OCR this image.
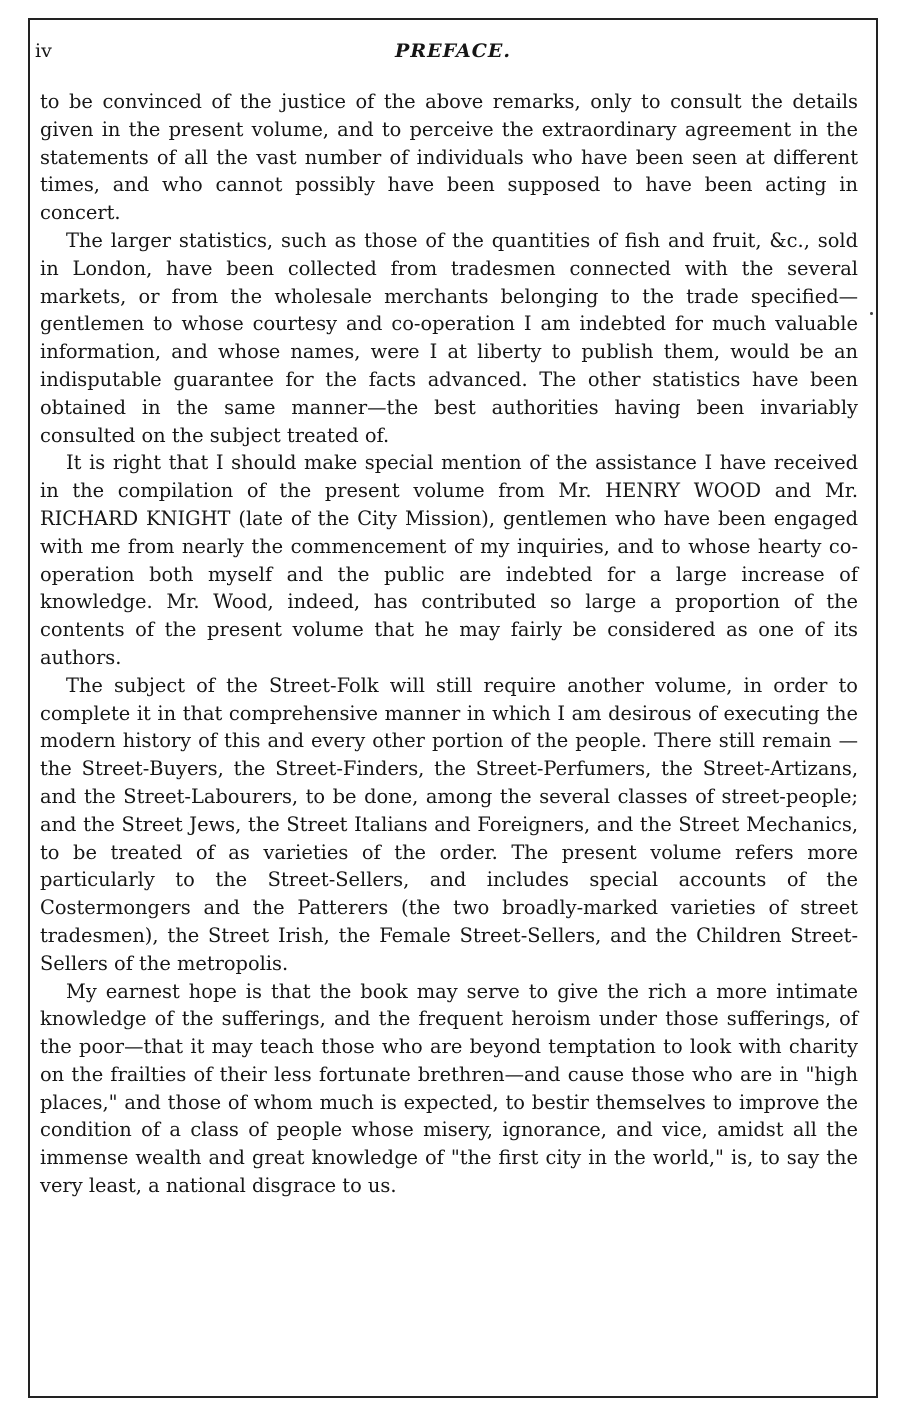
iv	PREFACE.

to be convinced of the justice of the above remarks, only to consult the details given in the present volume, and to perceive the extraordinary agreement in the statements of all the vast number of individuals who have been seen at different times, and who cannot possibly have been supposed to have been acting in concert.

The larger statistics, such as those of the quantities of fish and fruit, &c., sold in London, have been collected from tradesmen connected with the several markets, or from the wholesale merchants belonging to the trade specified—gentlemen to whose courtesy and co-operation I am indebted for much valuable information, and whose names, were I at liberty to publish them, would be an indisputable guarantee for the facts advanced. The other statistics have been obtained in the same manner—the best authorities having been invariably consulted on the subject treated of.

It is right that I should make special mention of the assistance I have received in the compilation of the present volume from Mr. HENRY WOOD and Mr. RICHARD KNIGHT (late of the City Mission), gentlemen who have been engaged with me from nearly the commencement of my inquiries, and to whose hearty co-operation both myself and the public are indebted for a large increase of knowledge. Mr. Wood, indeed, has contributed so large a proportion of the contents of the present volume that he may fairly be considered as one of its authors.

The subject of the Street-Folk will still require another volume, in order to complete it in that comprehensive manner in which I am desirous of executing the modern history of this and every other portion of the people. There still remain —the Street-Buyers, the Street-Finders, the Street-Perfumers, the Street-Artizans, and the Street-Labourers, to be done, among the several classes of street-people; and the Street Jews, the Street Italians and Foreigners, and the Street Mechanics, to be treated of as varieties of the order. The present volume refers more particularly to the Street-Sellers, and includes special accounts of the Costermongers and the Patterers (the two broadly-marked varieties of street tradesmen), the Street Irish, the Female Street-Sellers, and the Children Street-Sellers of the metropolis.

My earnest hope is that the book may serve to give the rich a more intimate knowledge of the sufferings, and the frequent heroism under those sufferings, of the poor—that it may teach those who are beyond temptation to look with charity on the frailties of their less fortunate brethren—and cause those who are in "high places," and those of whom much is expected, to bestir themselves to improve the condition of a class of people whose misery, ignorance, and vice, amidst all the immense wealth and great knowledge of "the first city in the world," is, to say the very least, a national disgrace to us.
